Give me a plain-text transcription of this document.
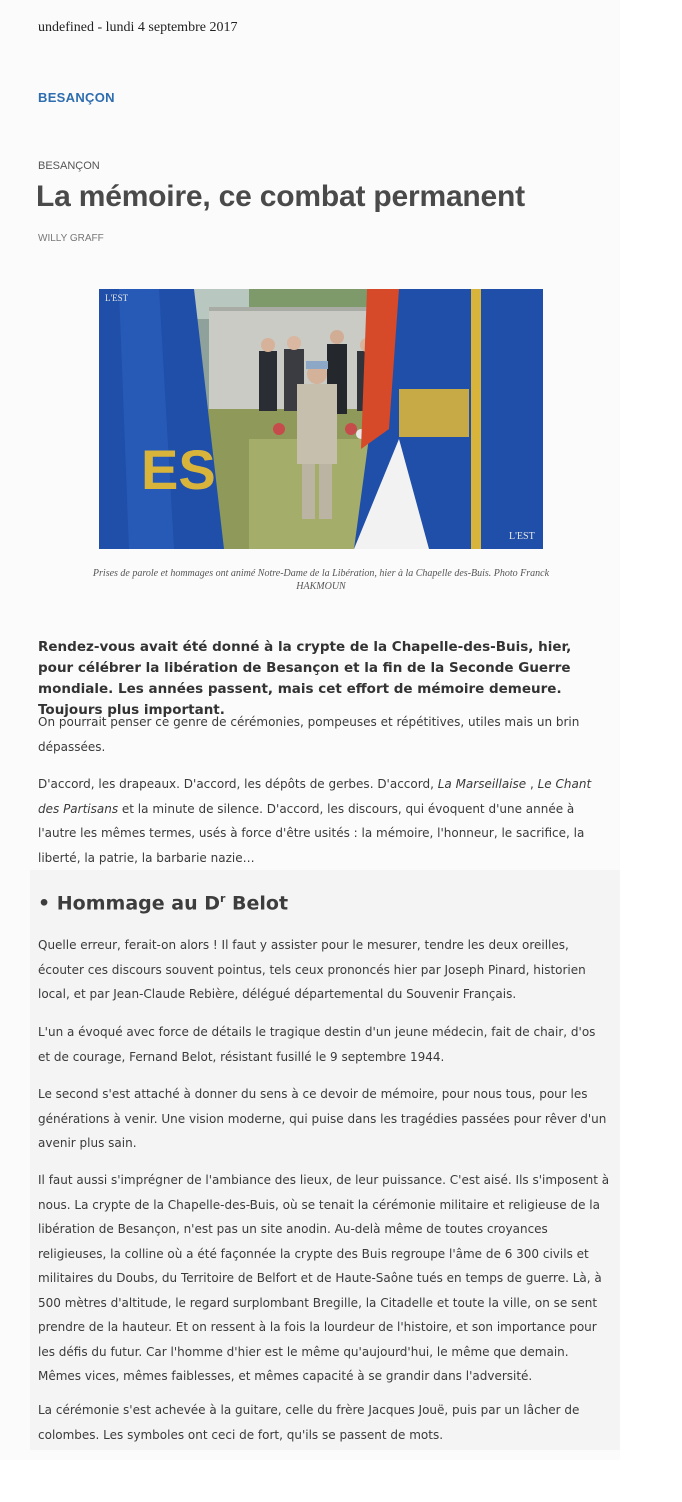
undefined - lundi 4 septembre 2017
BESANÇON
BESANÇON
La mémoire, ce combat permanent
WILLY GRAFF
ES
L'EST
L'EST
Prises de parole et hommages ont animé Notre-Dame de la Libération, hier à la Chapelle des-Buis. Photo Franck HAKMOUN

Rendez-vous avait été donné à la crypte de la Chapelle-des-Buis, hier, pour célébrer la libération de Besançon et la fin de la Seconde Guerre mondiale. Les années passent, mais cet effort de mémoire demeure. Toujours plus important.

On pourrait penser ce genre de cérémonies, pompeuses et répétitives, utiles mais un brin dépassées.

D'accord, les drapeaux. D'accord, les dépôts de gerbes. D'accord, La Marseillaise , Le Chant des Partisans et la minute de silence. D'accord, les discours, qui évoquent d'une année à l'autre les mêmes termes, usés à force d'être usités : la mémoire, l'honneur, le sacrifice, la liberté, la patrie, la barbarie nazie…

• Hommage au $D^r$ Belot

Quelle erreur, ferait-on alors ! Il faut y assister pour le mesurer, tendre les deux oreilles, écouter ces discours souvent pointus, tels ceux prononcés hier par Joseph Pinard, historien local, et par Jean-Claude Rebière, délégué départemental du Souvenir Français.

L'un a évoqué avec force de détails le tragique destin d'un jeune médecin, fait de chair, d'os et de courage, Fernand Belot, résistant fusillé le 9 septembre 1944.

Le second s'est attaché à donner du sens à ce devoir de mémoire, pour nous tous, pour les générations à venir. Une vision moderne, qui puise dans les tragédies passées pour rêver d'un avenir plus sain.

Il faut aussi s'imprégner de l'ambiance des lieux, de leur puissance. C'est aisé. Ils s'imposent à nous. La crypte de la Chapelle-des-Buis, où se tenait la cérémonie militaire et religieuse de la libération de Besançon, n'est pas un site anodin. Au-delà même de toutes croyances religieuses, la colline où a été façonnée la crypte des Buis regroupe l'âme de 6 300 civils et militaires du Doubs, du Territoire de Belfort et de Haute-Saône tués en temps de guerre. Là, à 500 mètres d'altitude, le regard surplombant Bregille, la Citadelle et toute la ville, on se sent prendre de la hauteur. Et on ressent à la fois la lourdeur de l'histoire, et son importance pour les défis du futur. Car l'homme d'hier est le même qu'aujourd'hui, le même que demain. Mêmes vices, mêmes faiblesses, et mêmes capacité à se grandir dans l'adversité.

La cérémonie s'est achevée à la guitare, celle du frère Jacques Jouë, puis par un lâcher de colombes. Les symboles ont ceci de fort, qu'ils se passent de mots.
